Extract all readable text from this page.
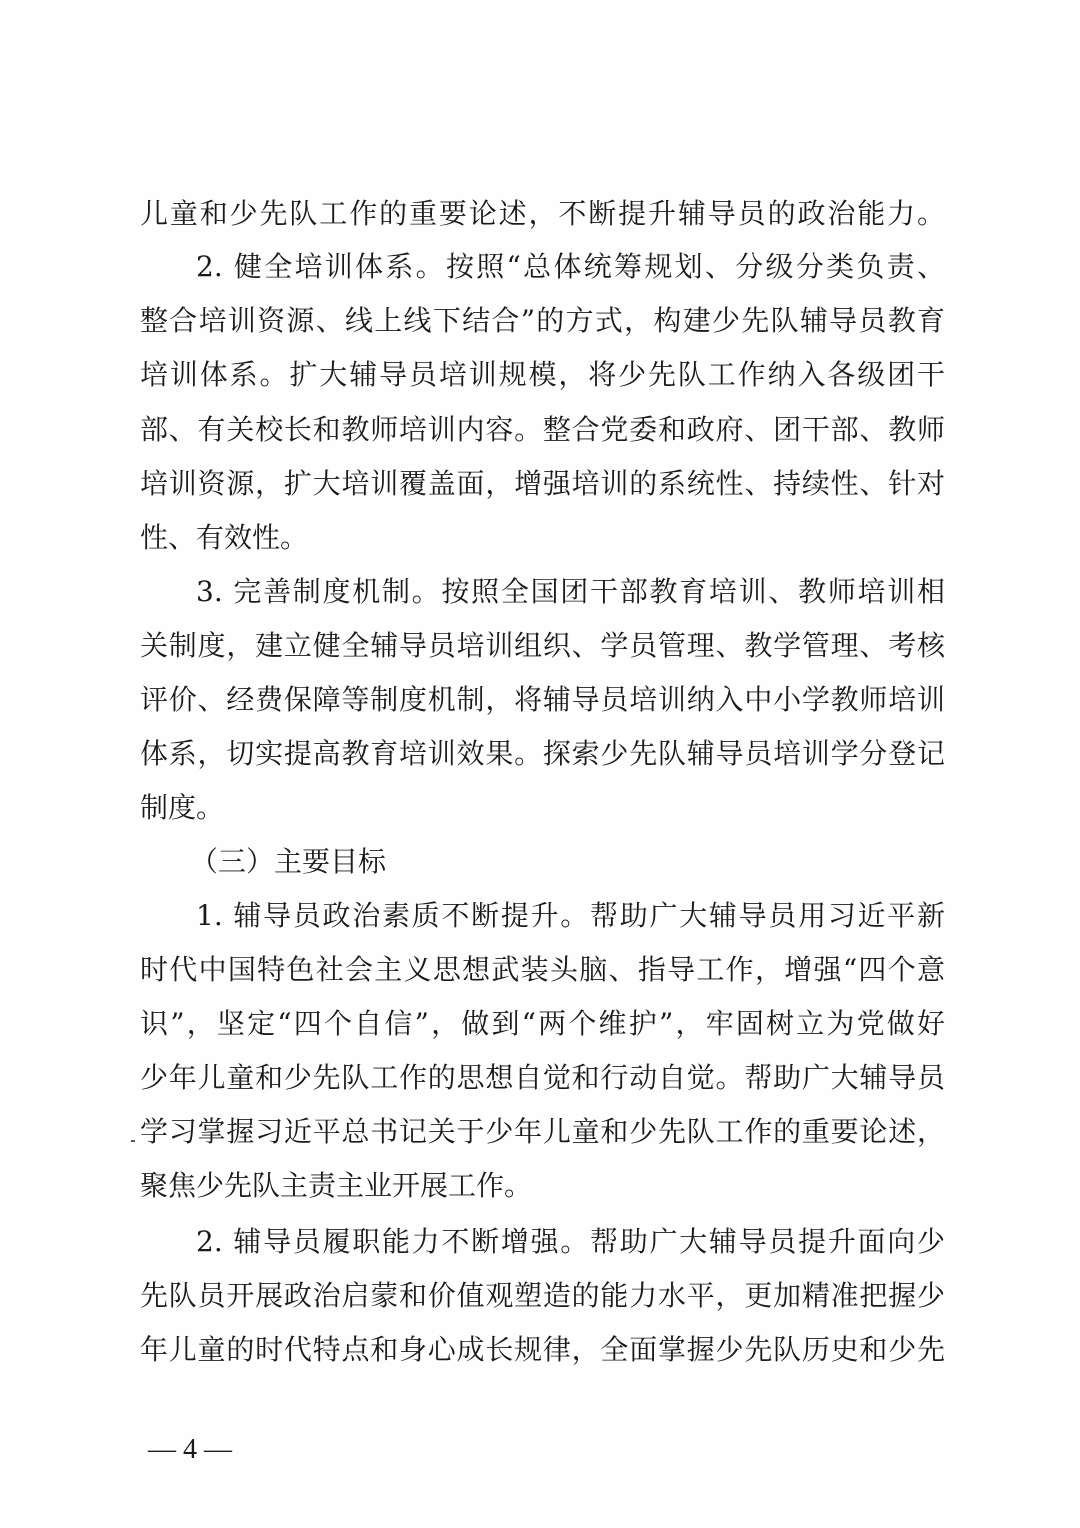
儿童和少先队工作的重要论述，不断提升辅导员的政治能力。
2. 健全培训体系。按照“总体统筹规划、分级分类负责、
整合培训资源、线上线下结合”的方式，构建少先队辅导员教育
培训体系。扩大辅导员培训规模，将少先队工作纳入各级团干
部、有关校长和教师培训内容。整合党委和政府、团干部、教师
培训资源，扩大培训覆盖面，增强培训的系统性、持续性、针对
性、有效性。
3. 完善制度机制。按照全国团干部教育培训、教师培训相
关制度，建立健全辅导员培训组织、学员管理、教学管理、考核
评价、经费保障等制度机制，将辅导员培训纳入中小学教师培训
体系，切实提高教育培训效果。探索少先队辅导员培训学分登记
制度。
（三）主要目标
1. 辅导员政治素质不断提升。帮助广大辅导员用习近平新
时代中国特色社会主义思想武装头脑、指导工作，增强“四个意
识”，坚定“四个自信”，做到“两个维护”，牢固树立为党做好
少年儿童和少先队工作的思想自觉和行动自觉。帮助广大辅导员
学习掌握习近平总书记关于少年儿童和少先队工作的重要论述，
聚焦少先队主责主业开展工作。
2. 辅导员履职能力不断增强。帮助广大辅导员提升面向少
先队员开展政治启蒙和价值观塑造的能力水平，更加精准把握少
年儿童的时代特点和身心成长规律，全面掌握少先队历史和少先
— 4 —
